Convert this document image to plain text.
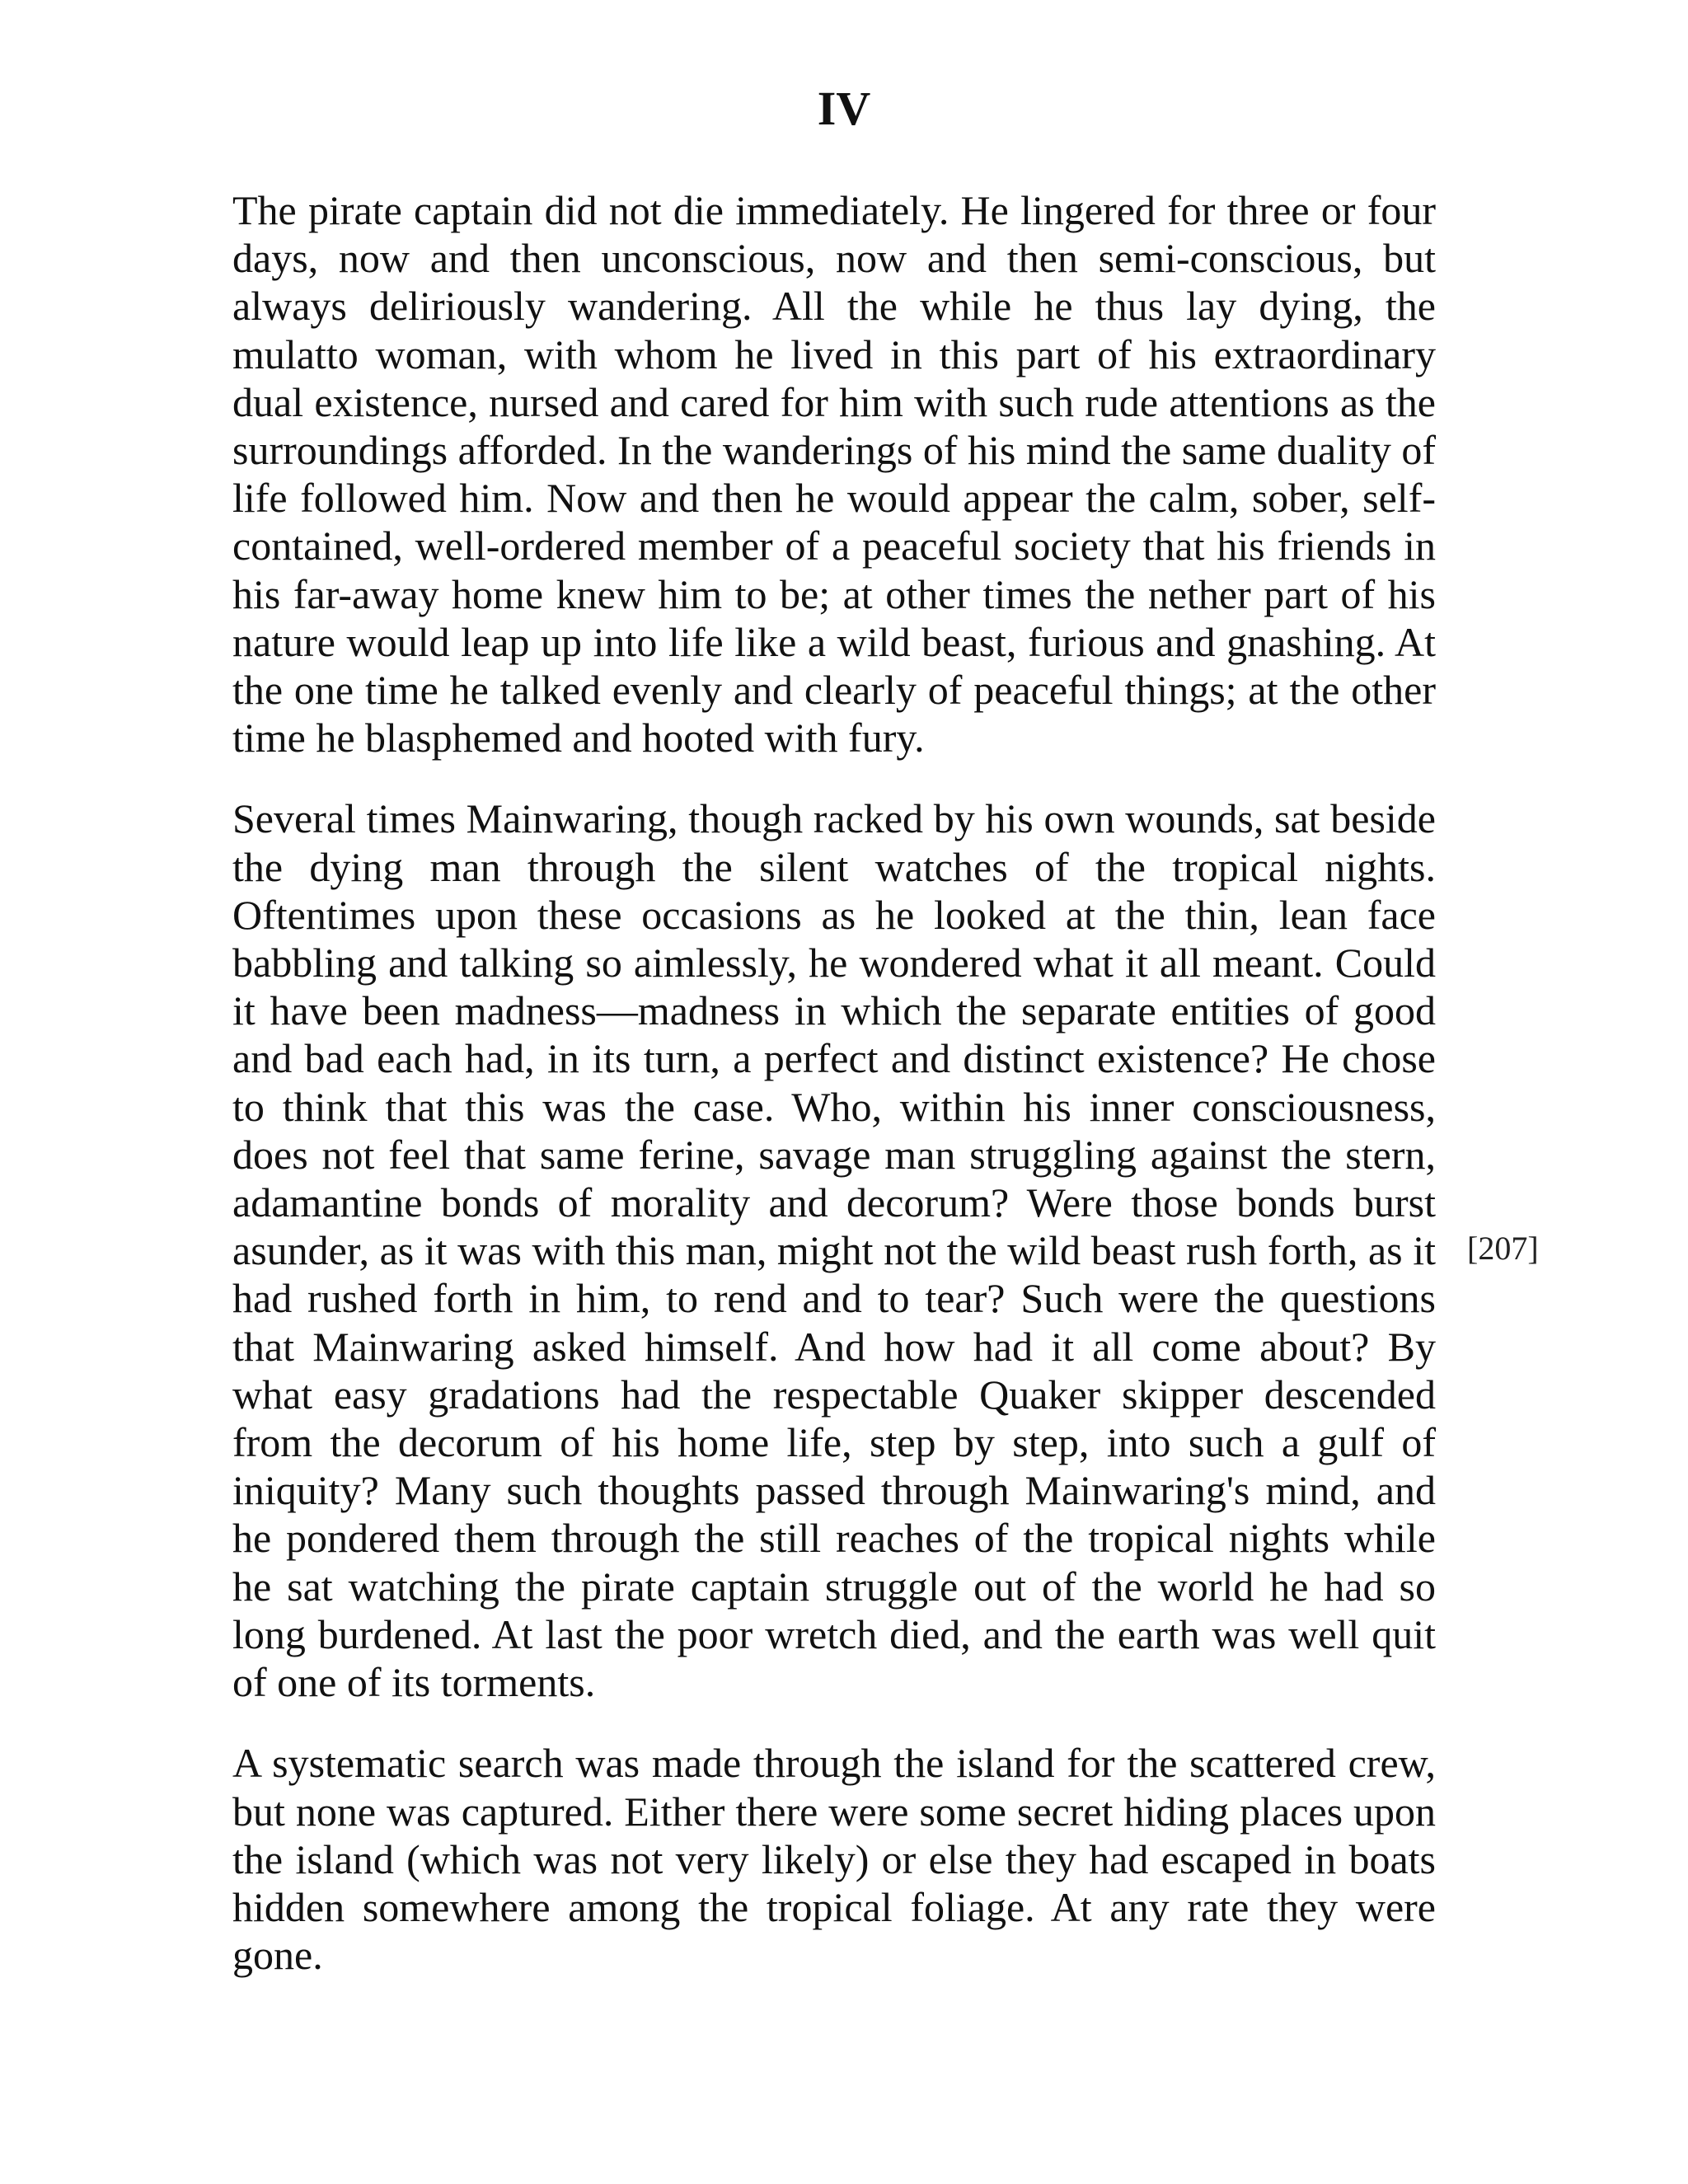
IV

The pirate captain did not die immediately. He lingered for three or four days, now and then unconscious, now and then semi-conscious, but always deliriously wandering. All the while he thus lay dying, the mulatto woman, with whom he lived in this part of his extraordinary dual existence, nursed and cared for him with such rude attentions as the surroundings afforded. In the wanderings of his mind the same duality of life followed him. Now and then he would appear the calm, sober, self-contained, well-ordered member of a peaceful society that his friends in his far-away home knew him to be; at other times the nether part of his nature would leap up into life like a wild beast, furious and gnashing. At the one time he talked evenly and clearly of peaceful things; at the other time he blasphemed and hooted with fury.

Several times Mainwaring, though racked by his own wounds, sat beside the dying man through the silent watches of the tropical nights. Oftentimes upon these occasions as he looked at the thin, lean face babbling and talking so aimlessly, he wondered what it all meant. Could it have been madness—madness in which the separate entities of good and bad each had, in its turn, a perfect and distinct existence? He chose to think that this was the case. Who, within his inner consciousness, does not feel that same ferine, savage man struggling against the stern, adamantine bonds of morality and decorum? Were those bonds burst asunder, as it was with this man, might not the wild beast rush forth, as it had rushed forth in him, to rend and to tear? Such were the questions that Mainwaring asked himself. And how had it all come about? By what easy gradations had the respectable Quaker skipper descended from the decorum of his home life, step by step, into such a gulf of iniquity? Many such thoughts passed through Mainwaring's mind, and he pondered them through the still reaches of the tropical nights while he sat watching the pirate captain struggle out of the world he had so long burdened. At last the poor wretch died, and the earth was well quit of one of its torments.

A systematic search was made through the island for the scattered crew, but none was captured. Either there were some secret hiding places upon the island (which was not very likely) or else they had escaped in boats hidden somewhere among the tropical foliage. At any rate they were gone.

[207]
